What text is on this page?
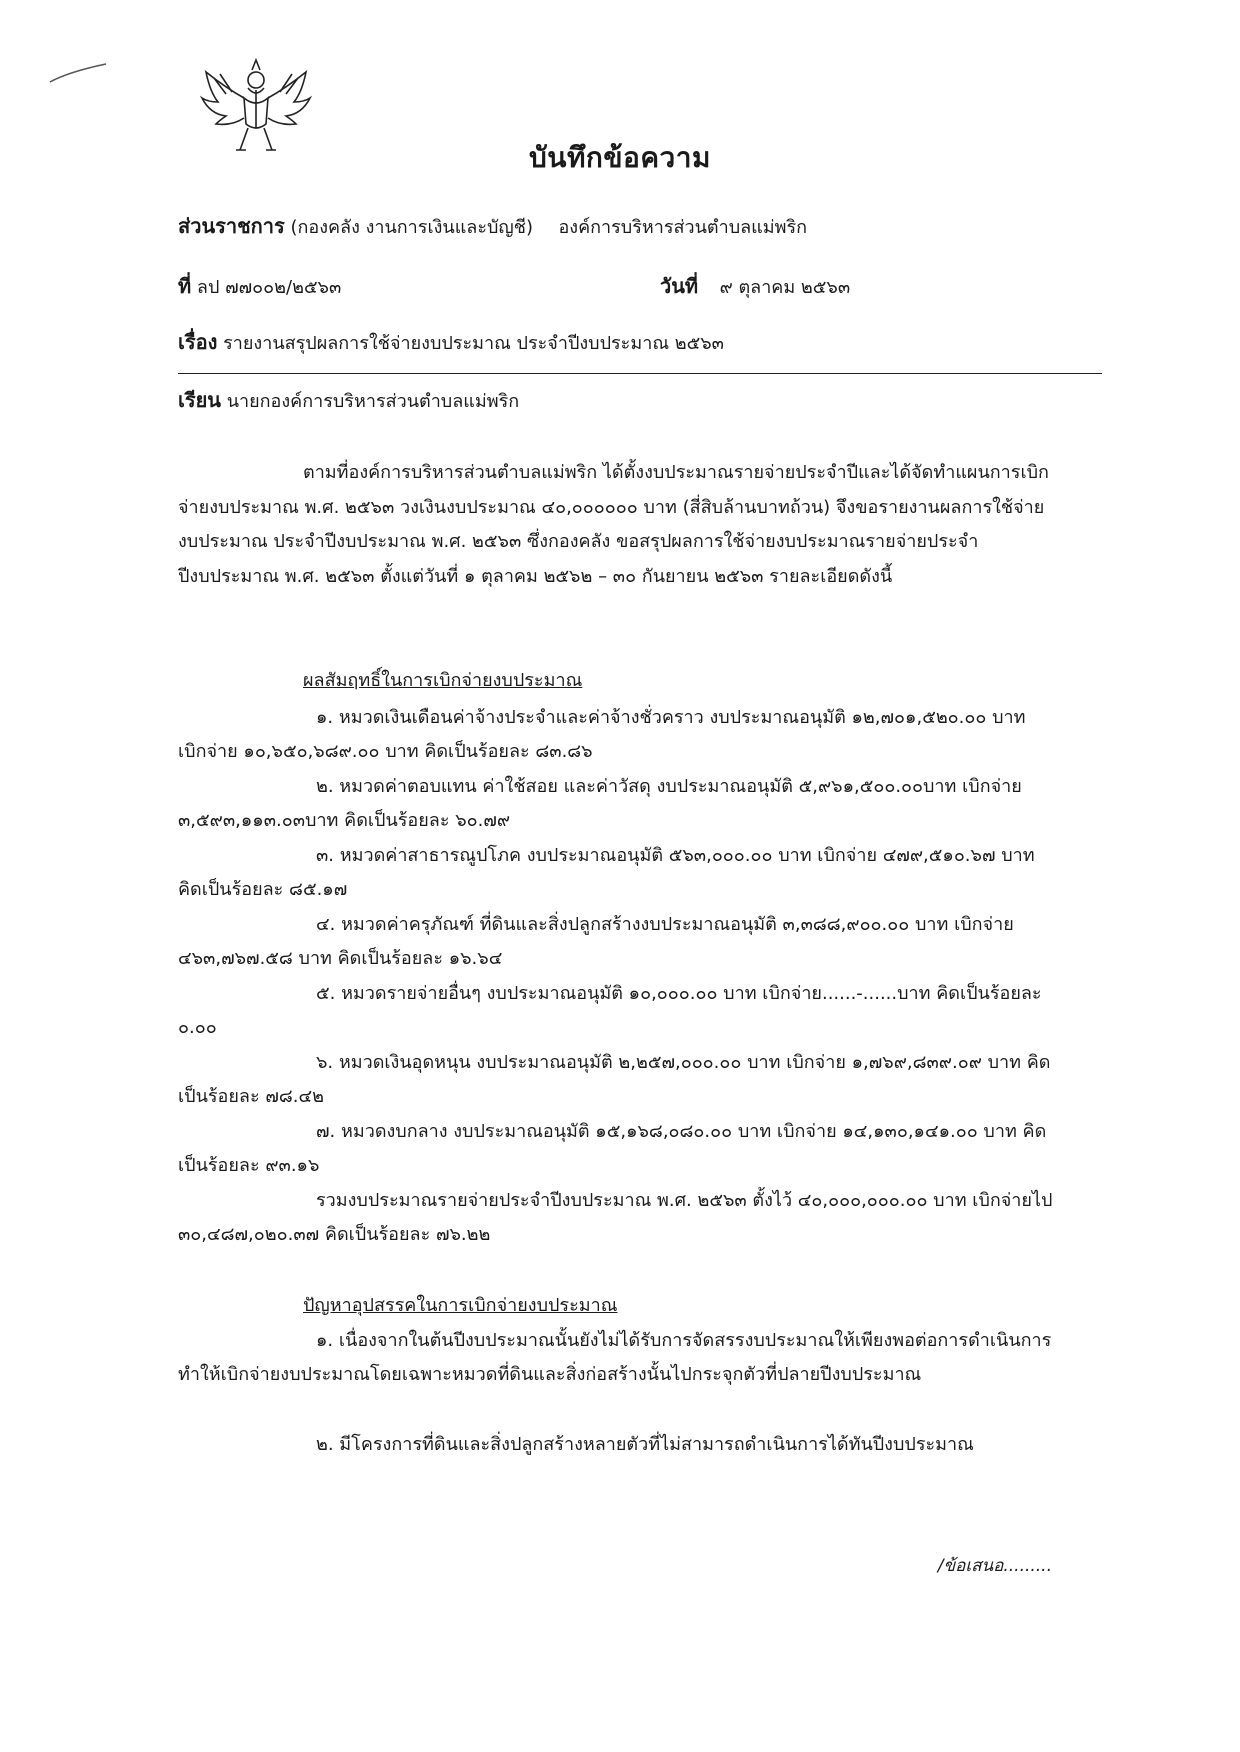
บันทึกข้อความ
ส่วนราชการ (กองคลัง งานการเงินและบัญชี) องค์การบริหารส่วนตำบลแม่พริก
ที่ ลป ๗๗๐๐๒/๒๕๖๓	วันที่ ๙ ตุลาคม ๒๕๖๓
เรื่อง รายงานสรุปผลการใช้จ่ายงบประมาณ ประจำปีงบประมาณ ๒๕๖๓
เรียน นายกองค์การบริหารส่วนตำบลแม่พริก
ตามที่องค์การบริหารส่วนตำบลแม่พริก ได้ตั้งงบประมาณรายจ่ายประจำปีและได้จัดทำแผนการเบิกจ่ายงบประมาณ พ.ศ. ๒๕๖๓ วงเงินงบประมาณ ๔๐,๐๐๐๐๐๐ บาท (สี่สิบล้านบาทถ้วน) จึงขอรายงานผลการใช้จ่ายงบประมาณ ประจำปีงบประมาณ พ.ศ. ๒๕๖๓ ซึ่งกองคลัง ขอสรุปผลการใช้จ่ายงบประมาณรายจ่ายประจำปีงบประมาณ พ.ศ. ๒๕๖๓ ตั้งแต่วันที่ ๑ ตุลาคม ๒๕๖๒ – ๓๐ กันยายน ๒๕๖๓ รายละเอียดดังนี้
ผลสัมฤทธิ์ในการเบิกจ่ายงบประมาณ
๑. หมวดเงินเดือนค่าจ้างประจำและค่าจ้างชั่วคราว งบประมาณอนุมัติ ๑๒,๗๐๑,๕๒๐.๐๐ บาท เบิกจ่าย ๑๐,๖๕๐,๖๘๙.๐๐ บาท คิดเป็นร้อยละ ๘๓.๘๖
๒. หมวดค่าตอบแทน ค่าใช้สอย และค่าวัสดุ งบประมาณอนุมัติ ๕,๙๖๑,๕๐๐.๐๐บาท เบิกจ่าย ๓,๕๙๓,๑๑๓.๐๓บาท คิดเป็นร้อยละ ๖๐.๗๙
๓. หมวดค่าสาธารณูปโภค งบประมาณอนุมัติ ๕๖๓,๐๐๐.๐๐ บาท เบิกจ่าย ๔๗๙,๕๑๐.๖๗ บาท คิดเป็นร้อยละ ๘๕.๑๗
๔. หมวดค่าครุภัณฑ์ ที่ดินและสิ่งปลูกสร้างงบประมาณอนุมัติ ๓,๓๘๘,๙๐๐.๐๐ บาท เบิกจ่าย ๔๖๓,๗๖๗.๕๘ บาท คิดเป็นร้อยละ ๑๖.๖๔
๕. หมวดรายจ่ายอื่นๆ งบประมาณอนุมัติ ๑๐,๐๐๐.๐๐ บาท เบิกจ่าย......-......บาท คิดเป็นร้อยละ ๐.๐๐
๖. หมวดเงินอุดหนุน งบประมาณอนุมัติ ๒,๒๕๗,๐๐๐.๐๐ บาท เบิกจ่าย ๑,๗๖๙,๘๓๙.๐๙ บาท คิดเป็นร้อยละ ๗๘.๔๒
๗. หมวดงบกลาง งบประมาณอนุมัติ ๑๕,๑๖๘,๐๘๐.๐๐ บาท เบิกจ่าย ๑๔,๑๓๐,๑๔๑.๐๐ บาท คิดเป็นร้อยละ ๙๓.๑๖
รวมงบประมาณรายจ่ายประจำปีงบประมาณ พ.ศ. ๒๕๖๓ ตั้งไว้ ๔๐,๐๐๐,๐๐๐.๐๐ บาท เบิกจ่ายไป ๓๐,๔๘๗,๐๒๐.๓๗ คิดเป็นร้อยละ ๗๖.๒๒
ปัญหาอุปสรรคในการเบิกจ่ายงบประมาณ
๑. เนื่องจากในต้นปีงบประมาณนั้นยังไม่ได้รับการจัดสรรงบประมาณให้เพียงพอต่อการดำเนินการ ทำให้เบิกจ่ายงบประมาณโดยเฉพาะหมวดที่ดินและสิ่งก่อสร้างนั้นไปกระจุกตัวที่ปลายปีงบประมาณ
๒. มีโครงการที่ดินและสิ่งปลูกสร้างหลายตัวที่ไม่สามารถดำเนินการได้ทันปีงบประมาณ
/ข้อเสนอ.........
